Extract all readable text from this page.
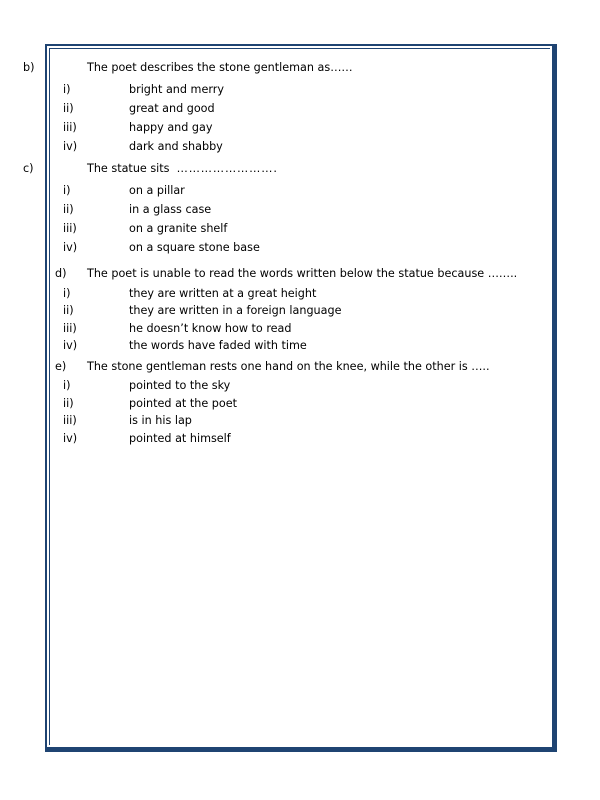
b)	The poet describes the stone gentleman as……

i)	bright and merry
ii)	great and good
iii)	happy and gay
iv)	dark and shabby

c)	The statue sits  …………………….

i)	on a pillar
ii)	in a glass case
iii)	on a granite shelf
iv)	on a square stone base

d) The poet is unable to read the words written below the statue because ……..

i)	they are written at a great height
ii)	they are written in a foreign language
iii)	he doesn’t know how to read
iv)	the words have faded with time

e) The stone gentleman rests one hand on the knee, while the other is …..

i)	pointed to the sky
ii)	pointed at the poet
iii)	is in his lap
iv)	pointed at himself
